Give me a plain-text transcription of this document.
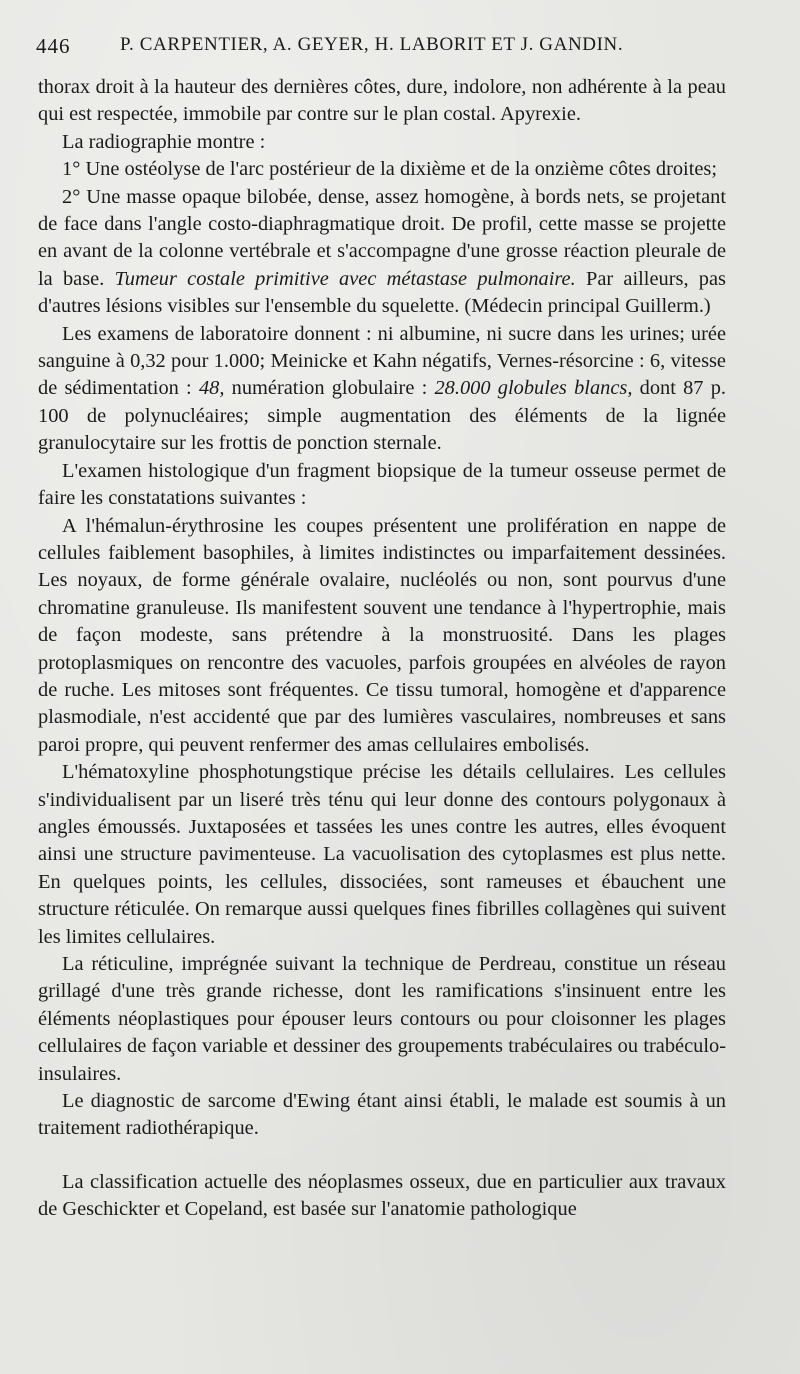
446	P. CARPENTIER, A. GEYER, H. LABORIT ET J. GANDIN.

thorax droit à la hauteur des dernières côtes, dure, indolore, non adhérente à la peau qui est respectée, immobile par contre sur le plan costal. Apyrexie.

La radiographie montre :

1° Une ostéolyse de l'arc postérieur de la dixième et de la onzième côtes droites;

2° Une masse opaque bilobée, dense, assez homogène, à bords nets, se projetant de face dans l'angle costo-diaphragmatique droit. De profil, cette masse se projette en avant de la colonne vertébrale et s'accompagne d'une grosse réaction pleurale de la base. Tumeur costale primitive avec métastase pulmonaire. Par ailleurs, pas d'autres lésions visibles sur l'ensemble du squelette. (Médecin principal Guillerm.)

Les examens de laboratoire donnent : ni albumine, ni sucre dans les urines; urée sanguine à 0,32 pour 1.000; Meinicke et Kahn négatifs, Vernes-résorcine : 6, vitesse de sédimentation : 48, numération globulaire : 28.000 globules blancs, dont 87 p. 100 de polynucléaires; simple augmentation des éléments de la lignée granulocytaire sur les frottis de ponction sternale.

L'examen histologique d'un fragment biopsique de la tumeur osseuse permet de faire les constatations suivantes :

A l'hémalun-érythrosine les coupes présentent une prolifération en nappe de cellules faiblement basophiles, à limites indistinctes ou imparfaitement dessinées. Les noyaux, de forme générale ovalaire, nucléolés ou non, sont pourvus d'une chromatine granuleuse. Ils manifestent souvent une tendance à l'hypertrophie, mais de façon modeste, sans prétendre à la monstruosité. Dans les plages protoplasmiques on rencontre des vacuoles, parfois groupées en alvéoles de rayon de ruche. Les mitoses sont fréquentes. Ce tissu tumoral, homogène et d'apparence plasmodiale, n'est accidenté que par des lumières vasculaires, nombreuses et sans paroi propre, qui peuvent renfermer des amas cellulaires embolisés.

L'hématoxyline phosphotungstique précise les détails cellulaires. Les cellules s'individualisent par un liseré très ténu qui leur donne des contours polygonaux à angles émoussés. Juxtaposées et tassées les unes contre les autres, elles évoquent ainsi une structure pavimenteuse. La vacuolisation des cytoplasmes est plus nette. En quelques points, les cellules, dissociées, sont rameuses et ébauchent une structure réticulée. On remarque aussi quelques fines fibrilles collagènes qui suivent les limites cellulaires.

La réticuline, imprégnée suivant la technique de Perdreau, constitue un réseau grillagé d'une très grande richesse, dont les ramifications s'insinuent entre les éléments néoplastiques pour épouser leurs contours ou pour cloisonner les plages cellulaires de façon variable et dessiner des groupements trabéculaires ou trabéculo-insulaires.

Le diagnostic de sarcome d'Ewing étant ainsi établi, le malade est soumis à un traitement radiothérapique.

La classification actuelle des néoplasmes osseux, due en particulier aux travaux de Geschickter et Copeland, est basée sur l'anatomie pathologique
